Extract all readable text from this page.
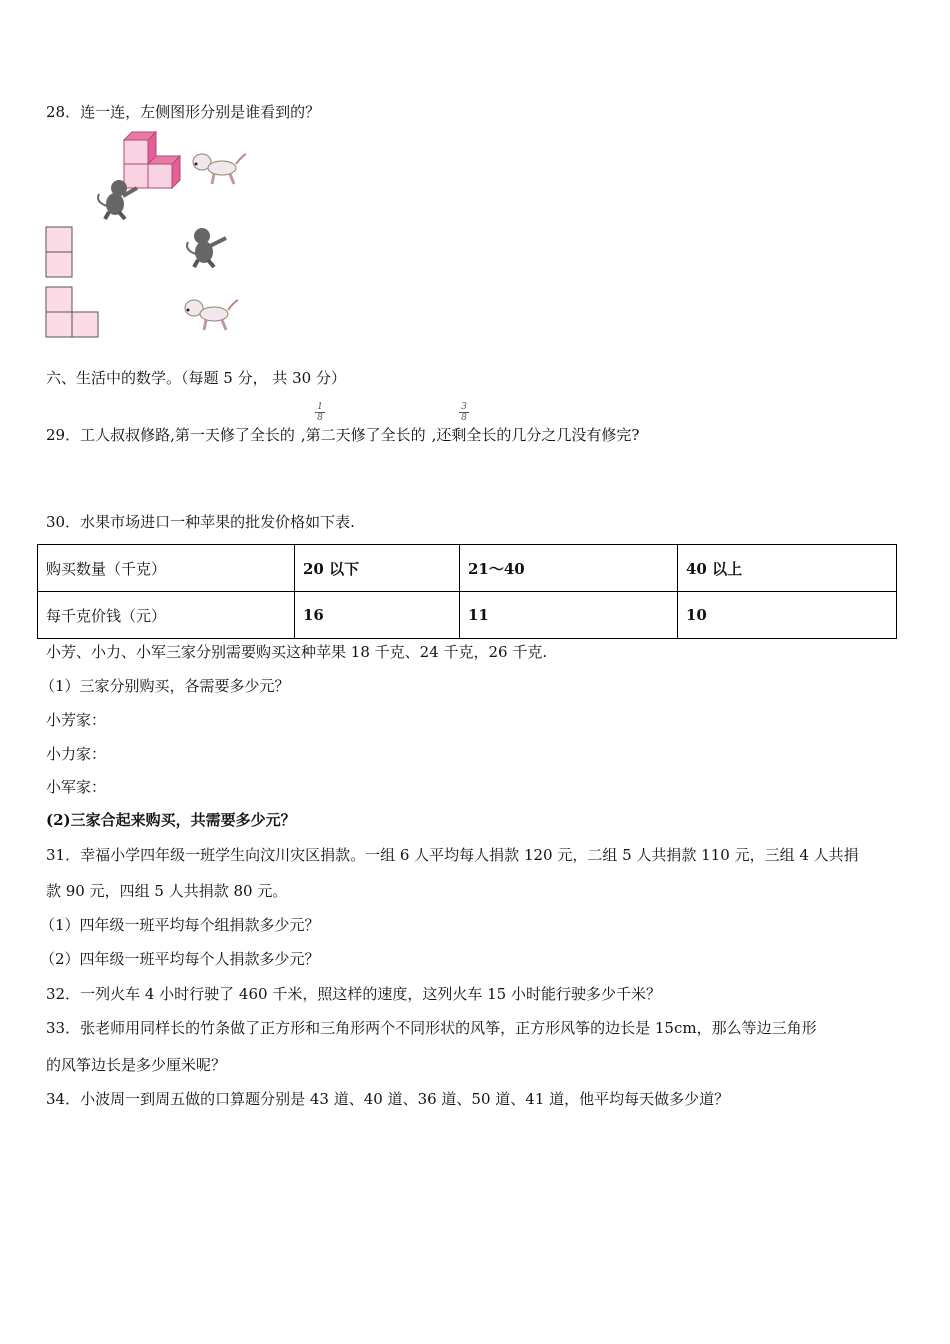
28．连一连，左侧图形分别是谁看到的？
六、生活中的数学。（每题 5 分， 共 30 分）
29．工人叔叔修路,第一天修了全长的 ,第二天修了全长的 ,还剩全长的几分之几没有修完?
$\frac{1}{8}$	$\frac{3}{8}$
30．水果市场进口一种苹果的批发价格如下表.
购买数量（千克）	20 以下	21～40	40 以上
每千克价钱（元）	16	11	10
小芳、小力、小军三家分别需要购买这种苹果 18 千克、24 千克，26 千克.
（1）三家分别购买，各需要多少元？
小芳家：
小力家：
小军家：
(2)三家合起来购买，共需要多少元？
31．幸福小学四年级一班学生向汶川灾区捐款。一组 6 人平均每人捐款 120 元，二组 5 人共捐款 110 元，三组 4 人共捐
款 90 元，四组 5 人共捐款 80 元。
（1）四年级一班平均每个组捐款多少元？
（2）四年级一班平均每个人捐款多少元？
32．一列火车 4 小时行驶了 460 千米，照这样的速度，这列火车 15 小时能行驶多少千米？
33．张老师用同样长的竹条做了正方形和三角形两个不同形状的风筝，正方形风筝的边长是 15cm，那么等边三角形
的风筝边长是多少厘米呢？
34．小波周一到周五做的口算题分别是 43 道、40 道、36 道、50 道、41 道，他平均每天做多少道？
